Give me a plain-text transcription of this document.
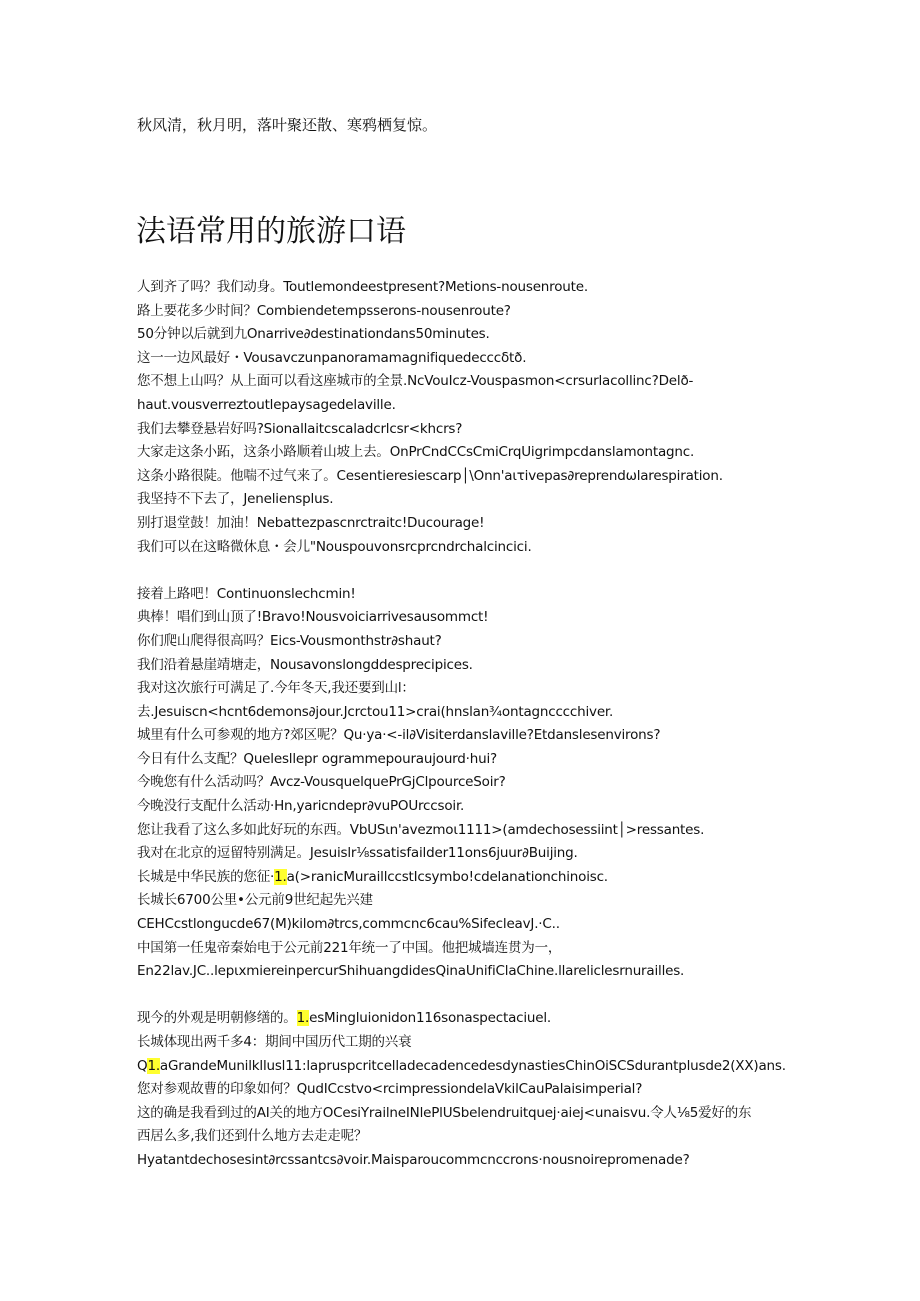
秋风清，秋月明，落叶聚还散、寒鸦栖复惊。
法语常用的旅游口语
人到齐了吗？我们动身。Toutlemondeestpresent?Metions-nousenroute.
路上要花多少时间？Combiendetempsserons-nousenroute?
50分钟以后就到九Onarrive∂destinationdans50minutes.
这一一边风最好・Vousavczunpanoramamagnifiquedecccδtð.
您不想上山吗？从上面可以看这座城市的全景.NcVouIcz-Vouspasmon<crsurlacollinc?Delð-
haut.vousverreztoutlepaysagedelaville.
我们去攀登悬岩好吗?Sionallaitcscaladcrlcsr<khcrs?
大家走这条小跖，这条小路顺着山坡上去。OnPrCndCCsCmiCrqUigrimpcdanslamontagnc.
这条小路很陡。他喘不过气来了。Cesentieresiescarp│\Onn'aιτivepas∂reprendωlarespiration.
我坚持不下去了，Jeneliensplus.
别打退堂鼓！加油！Nebattezpascnrctraitc!Ducourage!
我们可以在这略微休息・会儿"Nouspouvonsrcprcndrchalcincici.
接着上路吧！Continuonslechcmin!
典棒！唱们到山顶了!Bravo!Nousvoiciarrivesausommct!
你们爬山爬得很高吗？Eics-Vousmonthstr∂shaut?
我们沿着悬崖靖塘走，Nousavonslongddesprecipices.
我对这次旅行可满足了.今年冬天,我还要到山l：
去.Jesuiscn<hcnt6demons∂jour.Jcrctou11>crai(hnslan¾ontagncccchiver.
城里有什么可参观的地方?郊区呢？Qu·ya·<-il∂Visiterdanslaville?Etdanslesenvirons?
今日有什么支配？Quelesllepr ogrammepouraujourd·hui?
今晚您有什么活动吗？Avcz-VousquelquePrGjClpourceSoir?
今晚没行支配什么活动·Hn,yaricndepr∂vuPOUrccsoir.
您让我看了这么多如此好玩的东西。VbUSιn'avezmoι1111>(amdechosessiint│>ressantes.
我对在北京的逗留特别满足。Jesuislr⅛ssatisfailder11ons6juur∂Buijing.
长城是中华民族的您征·1.a(>ranicMuraillccstIcsymbo!cdelanationchinoisc.
长城长6700公里•公元前9世纪起先兴建
CEHCcstlongucde67(M)kilom∂trcs,commcnc6cau%SifecleavJ.·C..
中国第一任鬼帝秦始电于公元前221年统一了中国。他把城墙连贯为一，
En22lav.JC..lepιxmiereinpercurShihuangdidesQinaUnifiClaChine.llareliclesrnurailles.
现今的外观是明朝修缮的。1.esMingluionidon116sonaspectaciuel.
长城体现出两千多4：期间中国历代工期的兴衰
Q1.aGrandeMunilkllusl11:lapruspcritcelladecadencedesdynastiesChinOiSCSdurantplusde2(XX)ans.
您对参观故曹的印象如何？QudICcstvo<rcimpressiondelaVkilCauPalaisimperial?
这的确是我看到过的AI关的地方OCesiYrailneINlePlUSbelendruitquej·aiej<unaisvu.令人⅛5爱好的东
西居么多,我们还到什么地方去走走呢？
Hyatantdechosesint∂rcssantcs∂voir.Maisparoucommcnccrons·nousnoirepromenade?
